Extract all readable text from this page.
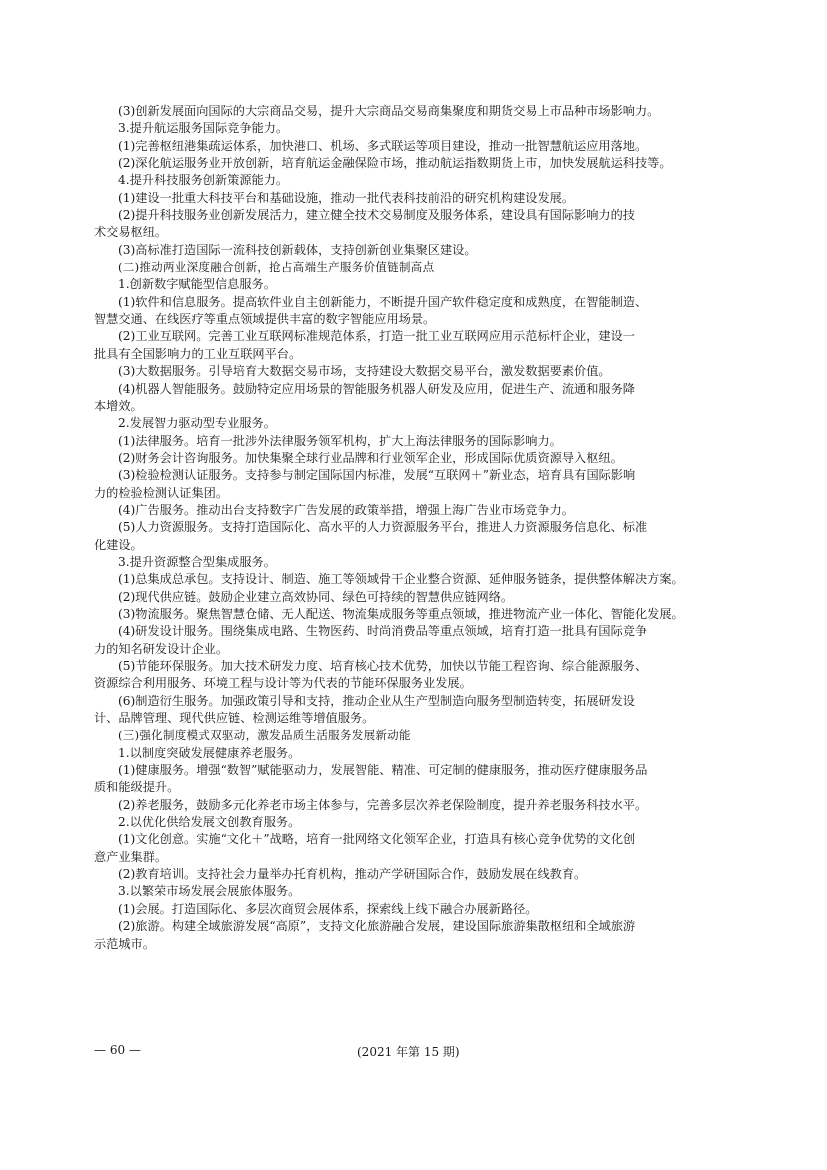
(3)创新发展面向国际的大宗商品交易，提升大宗商品交易商集聚度和期货交易上市品种市场影响力。
3.提升航运服务国际竞争能力。
(1)完善枢纽港集疏运体系，加快港口、机场、多式联运等项目建设，推动一批智慧航运应用落地。
(2)深化航运服务业开放创新，培育航运金融保险市场，推动航运指数期货上市，加快发展航运科技等。
4.提升科技服务创新策源能力。
(1)建设一批重大科技平台和基础设施，推动一批代表科技前沿的研究机构建设发展。
(2)提升科技服务业创新发展活力，建立健全技术交易制度及服务体系，建设具有国际影响力的技
术交易枢纽。
(3)高标准打造国际一流科技创新载体，支持创新创业集聚区建设。
(二)推动两业深度融合创新，抢占高端生产服务价值链制高点
1.创新数字赋能型信息服务。
(1)软件和信息服务。提高软件业自主创新能力，不断提升国产软件稳定度和成熟度，在智能制造、
智慧交通、在线医疗等重点领域提供丰富的数字智能应用场景。
(2)工业互联网。完善工业互联网标准规范体系，打造一批工业互联网应用示范标杆企业，建设一
批具有全国影响力的工业互联网平台。
(3)大数据服务。引导培育大数据交易市场，支持建设大数据交易平台，激发数据要素价值。
(4)机器人智能服务。鼓励特定应用场景的智能服务机器人研发及应用，促进生产、流通和服务降
本增效。
2.发展智力驱动型专业服务。
(1)法律服务。培育一批涉外法律服务领军机构，扩大上海法律服务的国际影响力。
(2)财务会计咨询服务。加快集聚全球行业品牌和行业领军企业，形成国际优质资源导入枢纽。
(3)检验检测认证服务。支持参与制定国际国内标准，发展“互联网＋”新业态，培育具有国际影响
力的检验检测认证集团。
(4)广告服务。推动出台支持数字广告发展的政策举措，增强上海广告业市场竞争力。
(5)人力资源服务。支持打造国际化、高水平的人力资源服务平台，推进人力资源服务信息化、标准
化建设。
3.提升资源整合型集成服务。
(1)总集成总承包。支持设计、制造、施工等领域骨干企业整合资源、延伸服务链条，提供整体解决方案。
(2)现代供应链。鼓励企业建立高效协同、绿色可持续的智慧供应链网络。
(3)物流服务。聚焦智慧仓储、无人配送、物流集成服务等重点领域，推进物流产业一体化、智能化发展。
(4)研发设计服务。围绕集成电路、生物医药、时尚消费品等重点领域，培育打造一批具有国际竞争
力的知名研发设计企业。
(5)节能环保服务。加大技术研发力度、培育核心技术优势，加快以节能工程咨询、综合能源服务、
资源综合利用服务、环境工程与设计等为代表的节能环保服务业发展。
(6)制造衍生服务。加强政策引导和支持，推动企业从生产型制造向服务型制造转变，拓展研发设
计、品牌管理、现代供应链、检测运维等增值服务。
(三)强化制度模式双驱动，激发品质生活服务发展新动能
1.以制度突破发展健康养老服务。
(1)健康服务。增强“数智”赋能驱动力，发展智能、精准、可定制的健康服务，推动医疗健康服务品
质和能级提升。
(2)养老服务，鼓励多元化养老市场主体参与，完善多层次养老保险制度，提升养老服务科技水平。
2.以优化供给发展文创教育服务。
(1)文化创意。实施“文化＋”战略，培育一批网络文化领军企业，打造具有核心竞争优势的文化创
意产业集群。
(2)教育培训。支持社会力量举办托育机构，推动产学研国际合作，鼓励发展在线教育。
3.以繁荣市场发展会展旅体服务。
(1)会展。打造国际化、多层次商贸会展体系，探索线上线下融合办展新路径。
(2)旅游。构建全域旅游发展“高原”，支持文化旅游融合发展，建设国际旅游集散枢纽和全域旅游
示范城市。
— 60 —	(2021 年第 15 期)
